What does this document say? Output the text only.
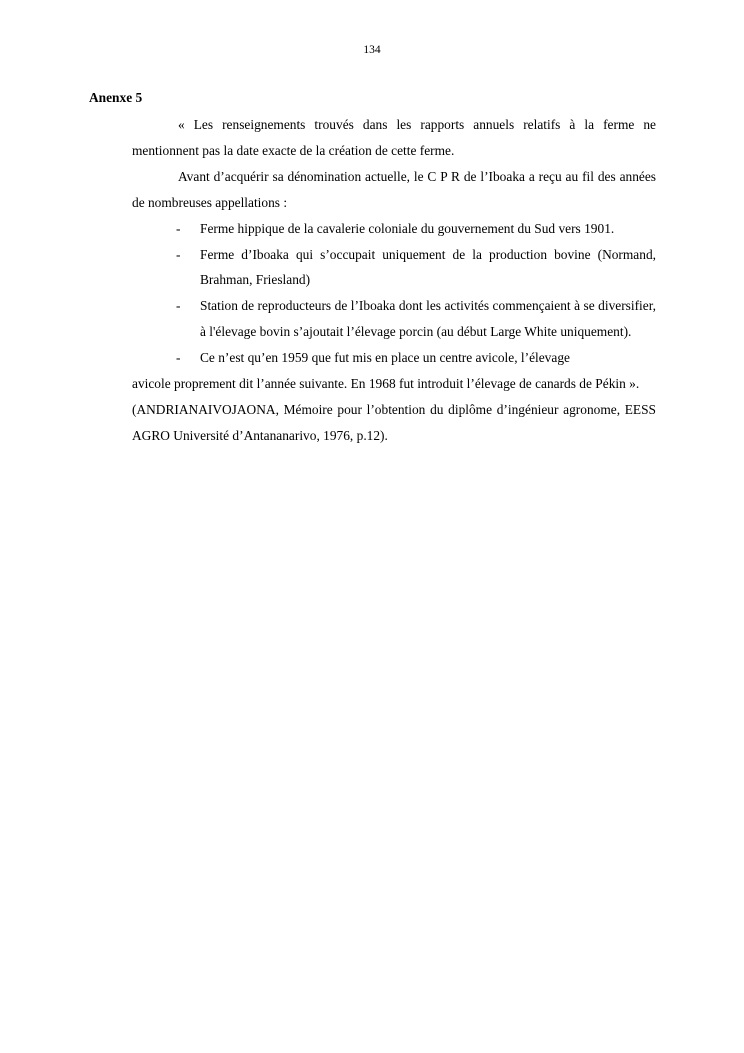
134
Anenxe 5

« Les renseignements trouvés dans les rapports annuels relatifs à la ferme ne mentionnent pas la date exacte de la création de cette ferme.

Avant d’acquérir sa dénomination actuelle, le C P R de l’Iboaka a reçu au fil des années de nombreuses appellations :

- Ferme hippique de la cavalerie coloniale du gouvernement du Sud vers 1901.
- Ferme d’Iboaka qui s’occupait uniquement de la production bovine (Normand, Brahman, Friesland)
- Station de reproducteurs de l’Iboaka dont les activités commençaient à se diversifier, à l'élevage bovin s’ajoutait l’élevage porcin (au début Large White uniquement).
- Ce n’est qu’en 1959 que fut mis en place un centre avicole, l’élevage

avicole proprement dit l’année suivante. En 1968 fut introduit l’élevage de canards de Pékin ».

(ANDRIANAIVOJAONA, Mémoire pour l’obtention du diplôme d’ingénieur agronome, EESS AGRO Université d’Antananarivo, 1976, p.12).
